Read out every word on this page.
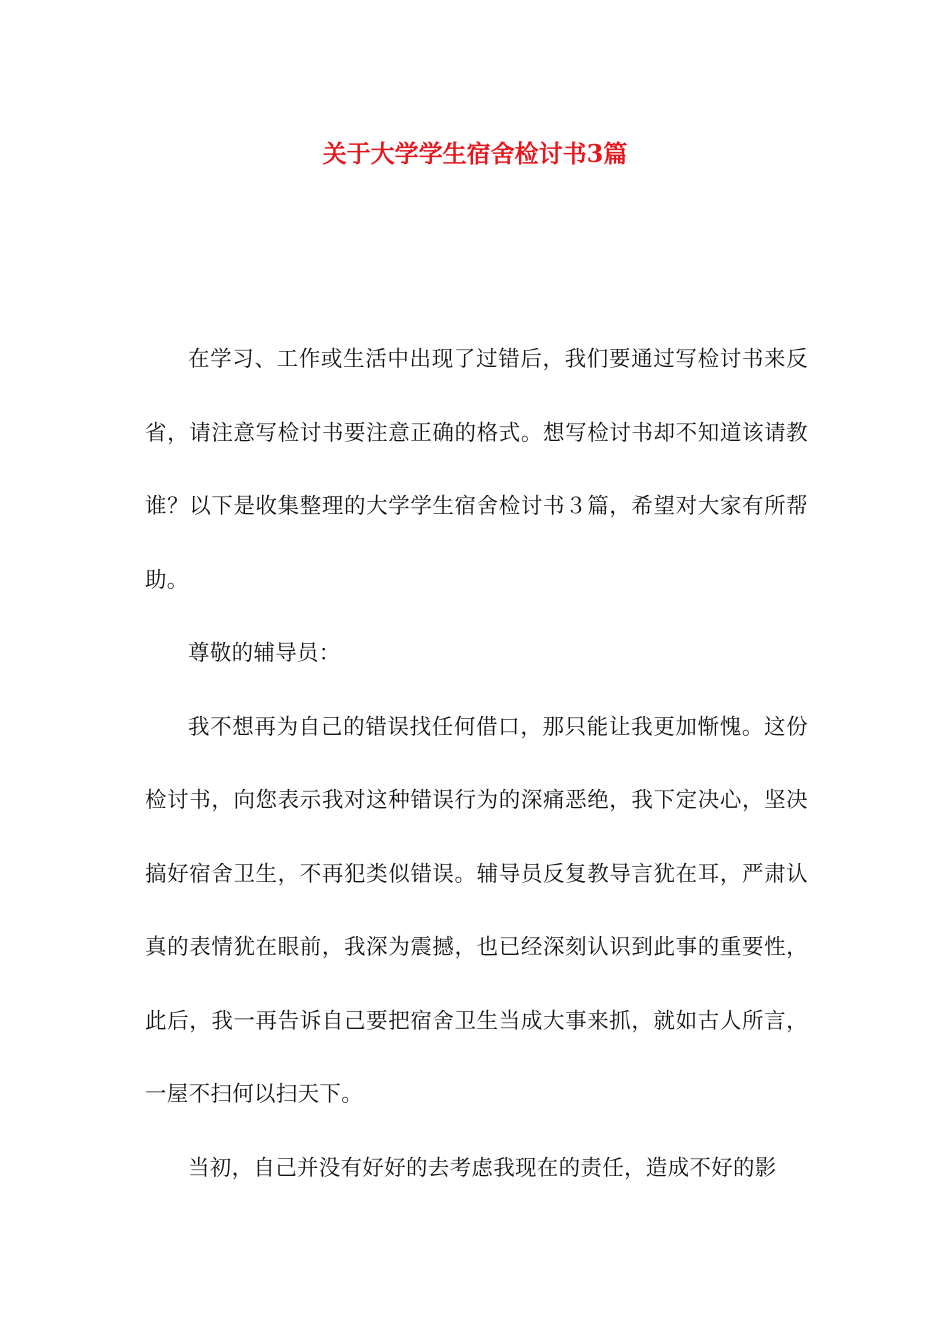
关于大学学生宿舍检讨书3篇

在学习、工作或生活中出现了过错后，我们要通过写检讨书来反省，请注意写检讨书要注意正确的格式。想写检讨书却不知道该请教谁？以下是收集整理的大学学生宿舍检讨书３篇，希望对大家有所帮助。

尊敬的辅导员：

我不想再为自己的错误找任何借口，那只能让我更加惭愧。这份检讨书，向您表示我对这种错误行为的深痛恶绝，我下定决心，坚决搞好宿舍卫生，不再犯类似错误。辅导员反复教导言犹在耳，严肃认真的表情犹在眼前，我深为震撼，也已经深刻认识到此事的重要性，此后，我一再告诉自己要把宿舍卫生当成大事来抓，就如古人所言，一屋不扫何以扫天下。

当初，自己并没有好好的去考虑我现在的责任，造成不好的影
